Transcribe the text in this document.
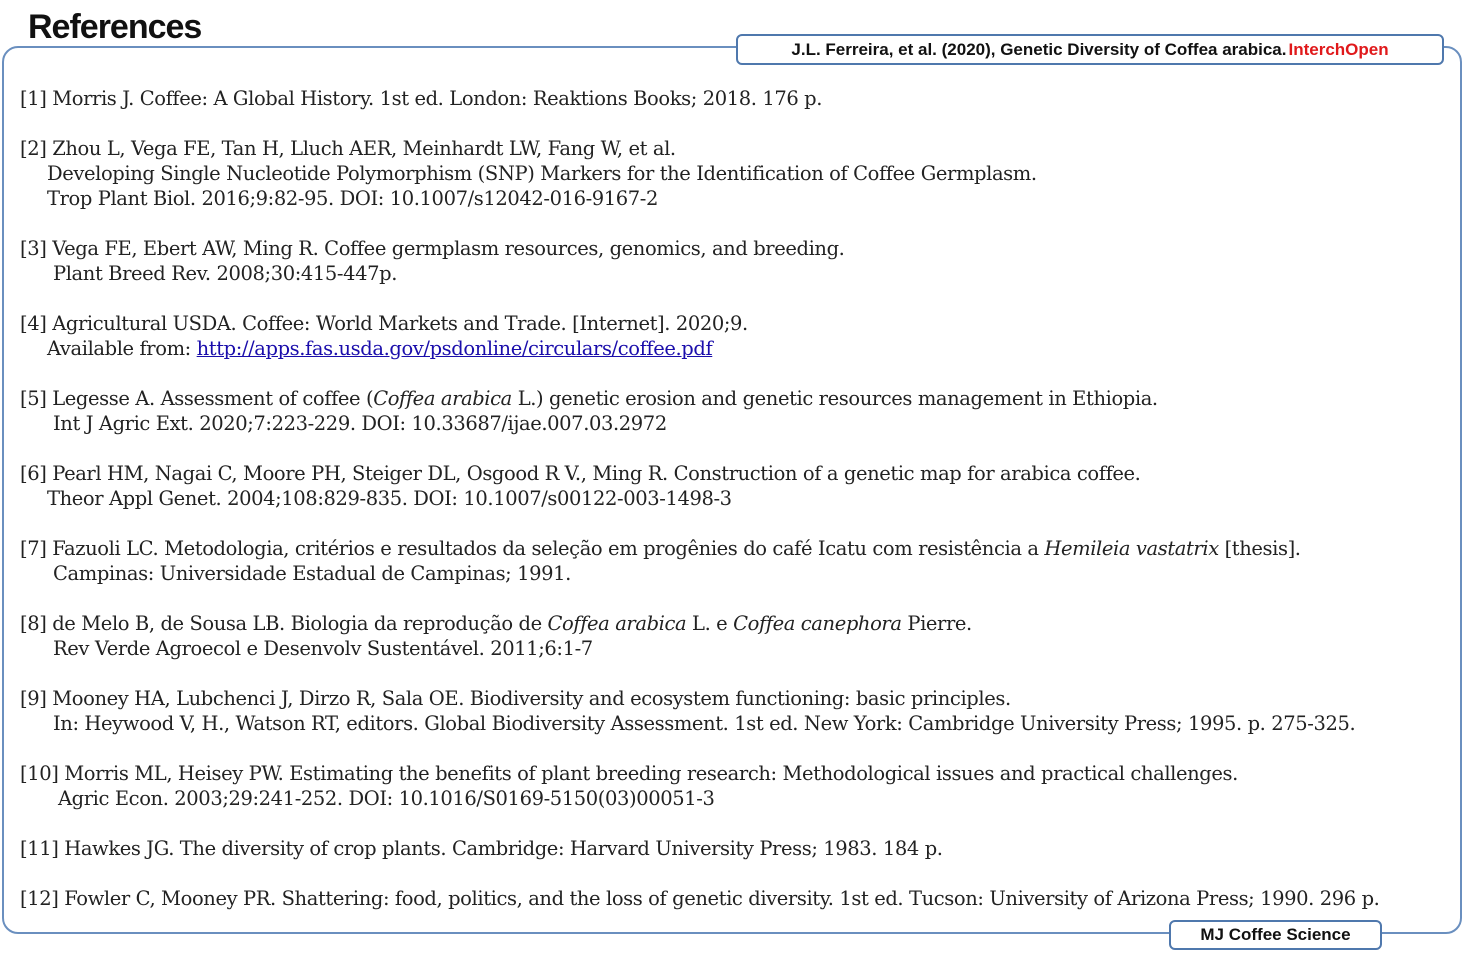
References
J.L. Ferreira, et al. (2020), Genetic Diversity of Coffea arabica. InterchOpen
[1] Morris J. Coffee: A Global History. 1st ed. London: Reaktions Books; 2018. 176 p.
[2] Zhou L, Vega FE, Tan H, Lluch AER, Meinhardt LW, Fang W, et al.
Developing Single Nucleotide Polymorphism (SNP) Markers for the Identification of Coffee Germplasm.
Trop Plant Biol. 2016;9:82-95. DOI: 10.1007/s12042-016-9167-2
[3] Vega FE, Ebert AW, Ming R. Coffee germplasm resources, genomics, and breeding.
Plant Breed Rev. 2008;30:415-447p.
[4] Agricultural USDA. Coffee: World Markets and Trade. [Internet]. 2020;9.
Available from: http://apps.fas.usda.gov/psdonline/circulars/coffee.pdf
[5] Legesse A. Assessment of coffee (Coffea arabica L.) genetic erosion and genetic resources management in Ethiopia.
Int J Agric Ext. 2020;7:223-229. DOI: 10.33687/ijae.007.03.2972
[6] Pearl HM, Nagai C, Moore PH, Steiger DL, Osgood R V., Ming R. Construction of a genetic map for arabica coffee.
Theor Appl Genet. 2004;108:829-835. DOI: 10.1007/s00122-003-1498-3
[7] Fazuoli LC. Metodologia, critérios e resultados da seleção em progênies do café Icatu com resistência a Hemileia vastatrix [thesis].
Campinas: Universidade Estadual de Campinas; 1991.
[8] de Melo B, de Sousa LB. Biologia da reprodução de Coffea arabica L. e Coffea canephora Pierre.
Rev Verde Agroecol e Desenvolv Sustentável. 2011;6:1-7
[9] Mooney HA, Lubchenci J, Dirzo R, Sala OE. Biodiversity and ecosystem functioning: basic principles.
In: Heywood V, H., Watson RT, editors. Global Biodiversity Assessment. 1st ed. New York: Cambridge University Press; 1995. p. 275-325.
[10] Morris ML, Heisey PW. Estimating the benefits of plant breeding research: Methodological issues and practical challenges.
Agric Econ. 2003;29:241-252. DOI: 10.1016/S0169-5150(03)00051-3
[11] Hawkes JG. The diversity of crop plants. Cambridge: Harvard University Press; 1983. 184 p.
[12] Fowler C, Mooney PR. Shattering: food, politics, and the loss of genetic diversity. 1st ed. Tucson: University of Arizona Press; 1990. 296 p.
MJ Coffee Science
